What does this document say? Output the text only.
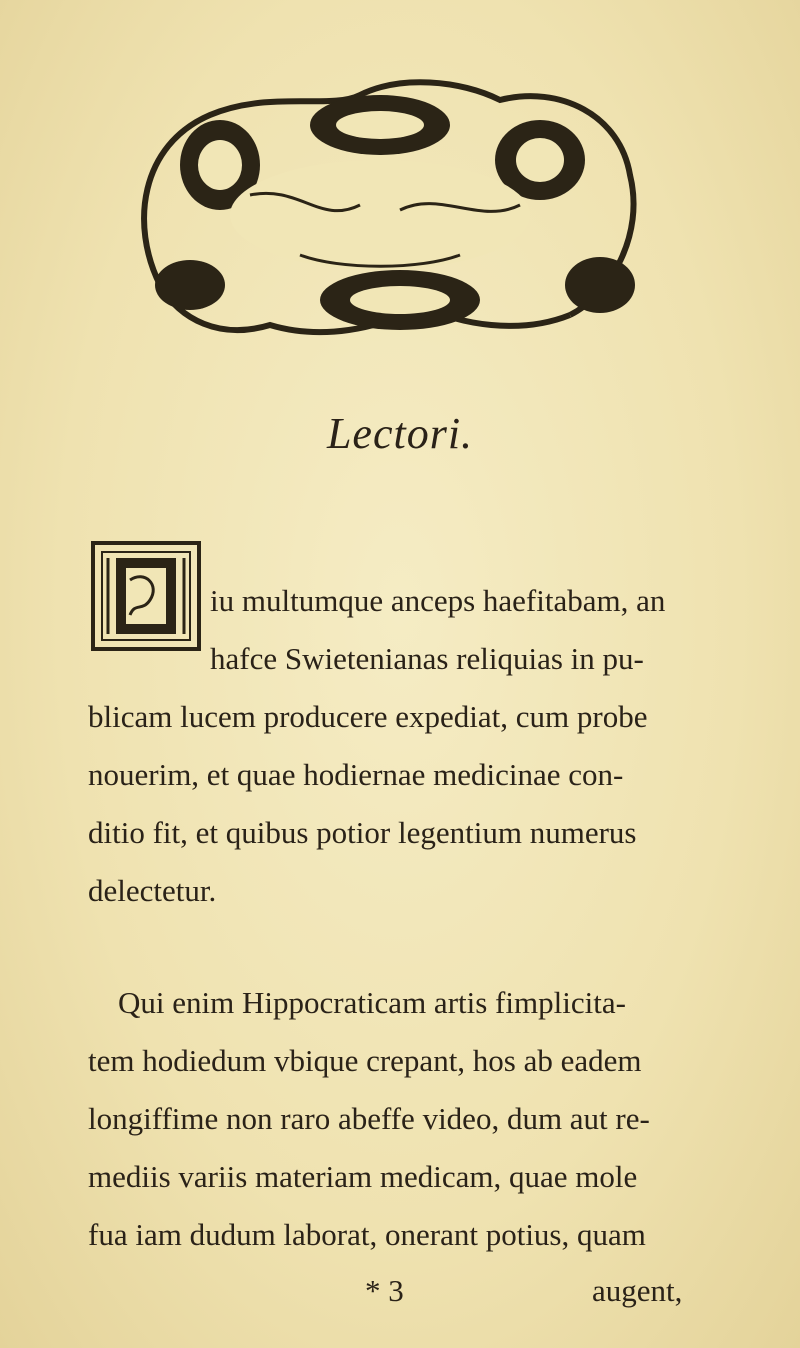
Lectori.
iu multumque anceps haefitabam, an
hafce Swietenianas reliquias in pu-
blicam lucem producere expediat, cum probe
nouerim, et quae hodiernae medicinae con-
ditio fit, et quibus potior legentium numerus
delectetur.
Qui enim Hippocraticam artis fimplicita-
tem hodiedum vbique crepant, hos ab eadem
longiffime non raro abeffe video, dum aut re-
mediis variis materiam medicam, quae mole
fua iam dudum laborat, onerant potius, quam
* 3	augent,
